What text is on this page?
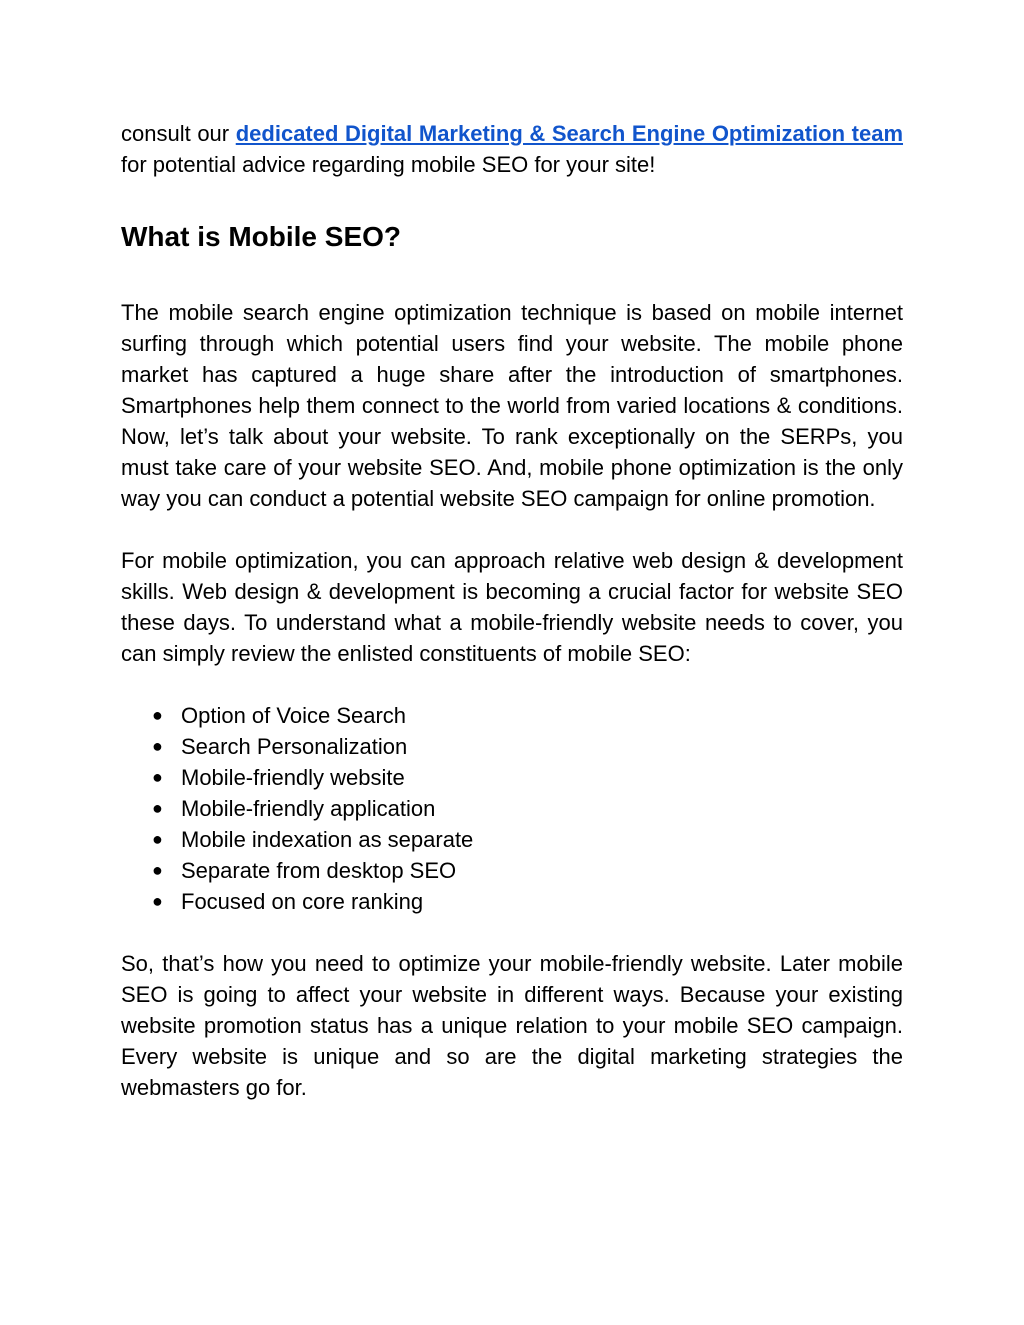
consult our dedicated Digital Marketing & Search Engine Optimization team for potential advice regarding mobile SEO for your site!

What is Mobile SEO?

The mobile search engine optimization technique is based on mobile internet surfing through which potential users find your website. The mobile phone market has captured a huge share after the introduction of smartphones. Smartphones help them connect to the world from varied locations & conditions. Now, let’s talk about your website. To rank exceptionally on the SERPs, you must take care of your website SEO. And, mobile phone optimization is the only way you can conduct a potential website SEO campaign for online promotion.

For mobile optimization, you can approach relative web design & development skills. Web design & development is becoming a crucial factor for website SEO these days. To understand what a mobile-friendly website needs to cover, you can simply review the enlisted constituents of mobile SEO:

● Option of Voice Search
● Search Personalization
● Mobile-friendly website
● Mobile-friendly application
● Mobile indexation as separate
● Separate from desktop SEO
● Focused on core ranking

So, that’s how you need to optimize your mobile-friendly website. Later mobile SEO is going to affect your website in different ways. Because your existing website promotion status has a unique relation to your mobile SEO campaign. Every website is unique and so are the digital marketing strategies the webmasters go for.
